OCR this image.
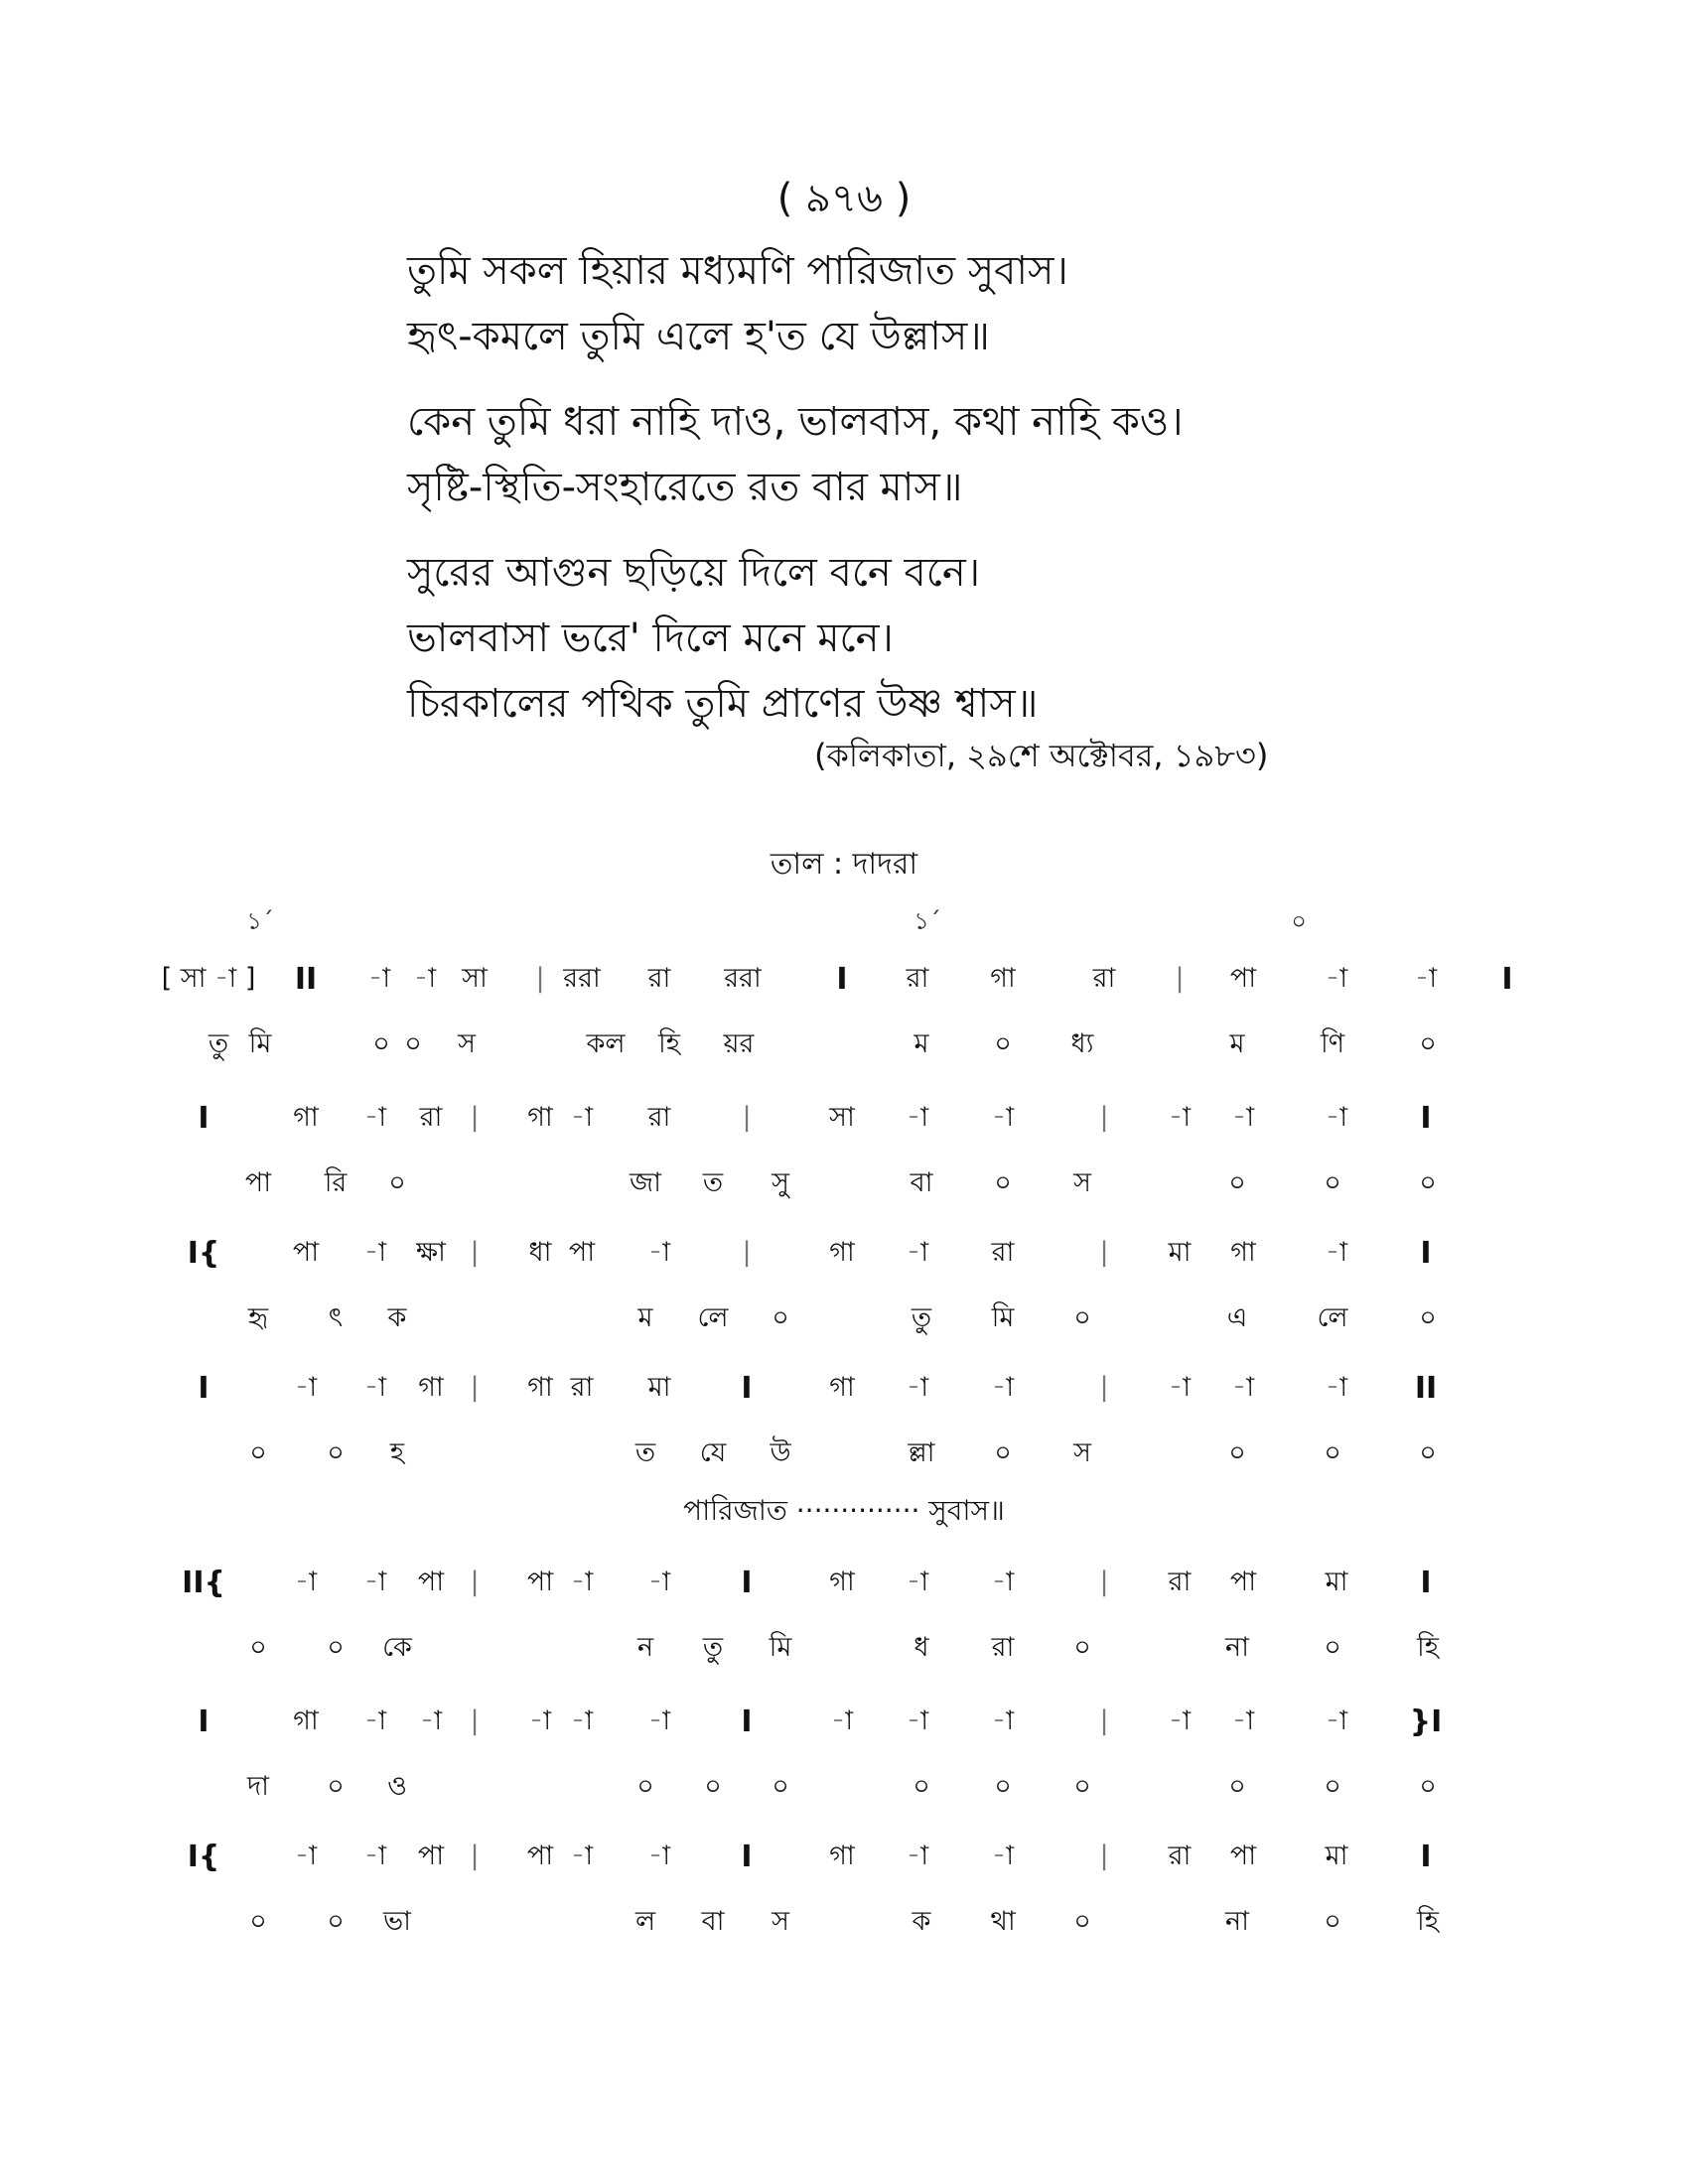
( ৯৭৬ )
তুমি সকল হিয়ার মধ্যমণি পারিজাত সুবাস।
হৃৎ-কমলে তুমি এলে হ'ত যে উল্লাস॥
কেন তুমি ধরা নাহি দাও, ভালবাস, কথা নাহি কও।
সৃষ্টি-স্থিতি-সংহারেতে রত বার মাস॥
সুরের আগুন ছড়িয়ে দিলে বনে বনে।
ভালবাসা ভরে' দিলে মনে মনে।
চিরকালের পথিক তুমি প্রাণের উষ্ণ শ্বাস॥
(কলিকাতা, ২৯শে অক্টোবর, ১৯৮৩)
তাল : দাদরা
১´	১´	০
[ সা -া ] II -া -া সা | ররা রা ররা	I রা গা	রা | পা	-া	-া I
তু মি	০ ০ স	কল হি য়র	ম ০ ধ্য	ম	ণি	০
I	গা -া রা | গা -া রা	|	সা -া -া	| -া -া	-া I
পা রি ০	জা ত সু	বা ০ স	০	০	০
I{	পা -া ক্ষা | ধা পা -া	|	গা -া রা	| মা গা	-া I
হৃ ৎ ক	ম লে ০	তু মি ০	এ	লে	০
I	-া -া গা | গা রা মা I	গা -া -া	| -া -া	-া II
০ ০ হ	ত যে উ	ল্লা ০ স	০	০	০
II{	-া -া পা | পা -া -া I	গা -া -া	| রা পা	মা I
০ ০ কে	ন তু মি	ধ রা ০	না	০	হি
I	গা -া -া | -া -া -া I	-া -া -া	| -া -া	-া }I
দা ০ ও	০ ০ ০	০ ০ ০	০	০	০
I{	-া -া পা | পা -া -া I	গা -া -া	| রা পা	মা I
০ ০ ভা	ল বা স	ক থা ০	না	০	হি
পারিজাত ·············· সুবাস॥
